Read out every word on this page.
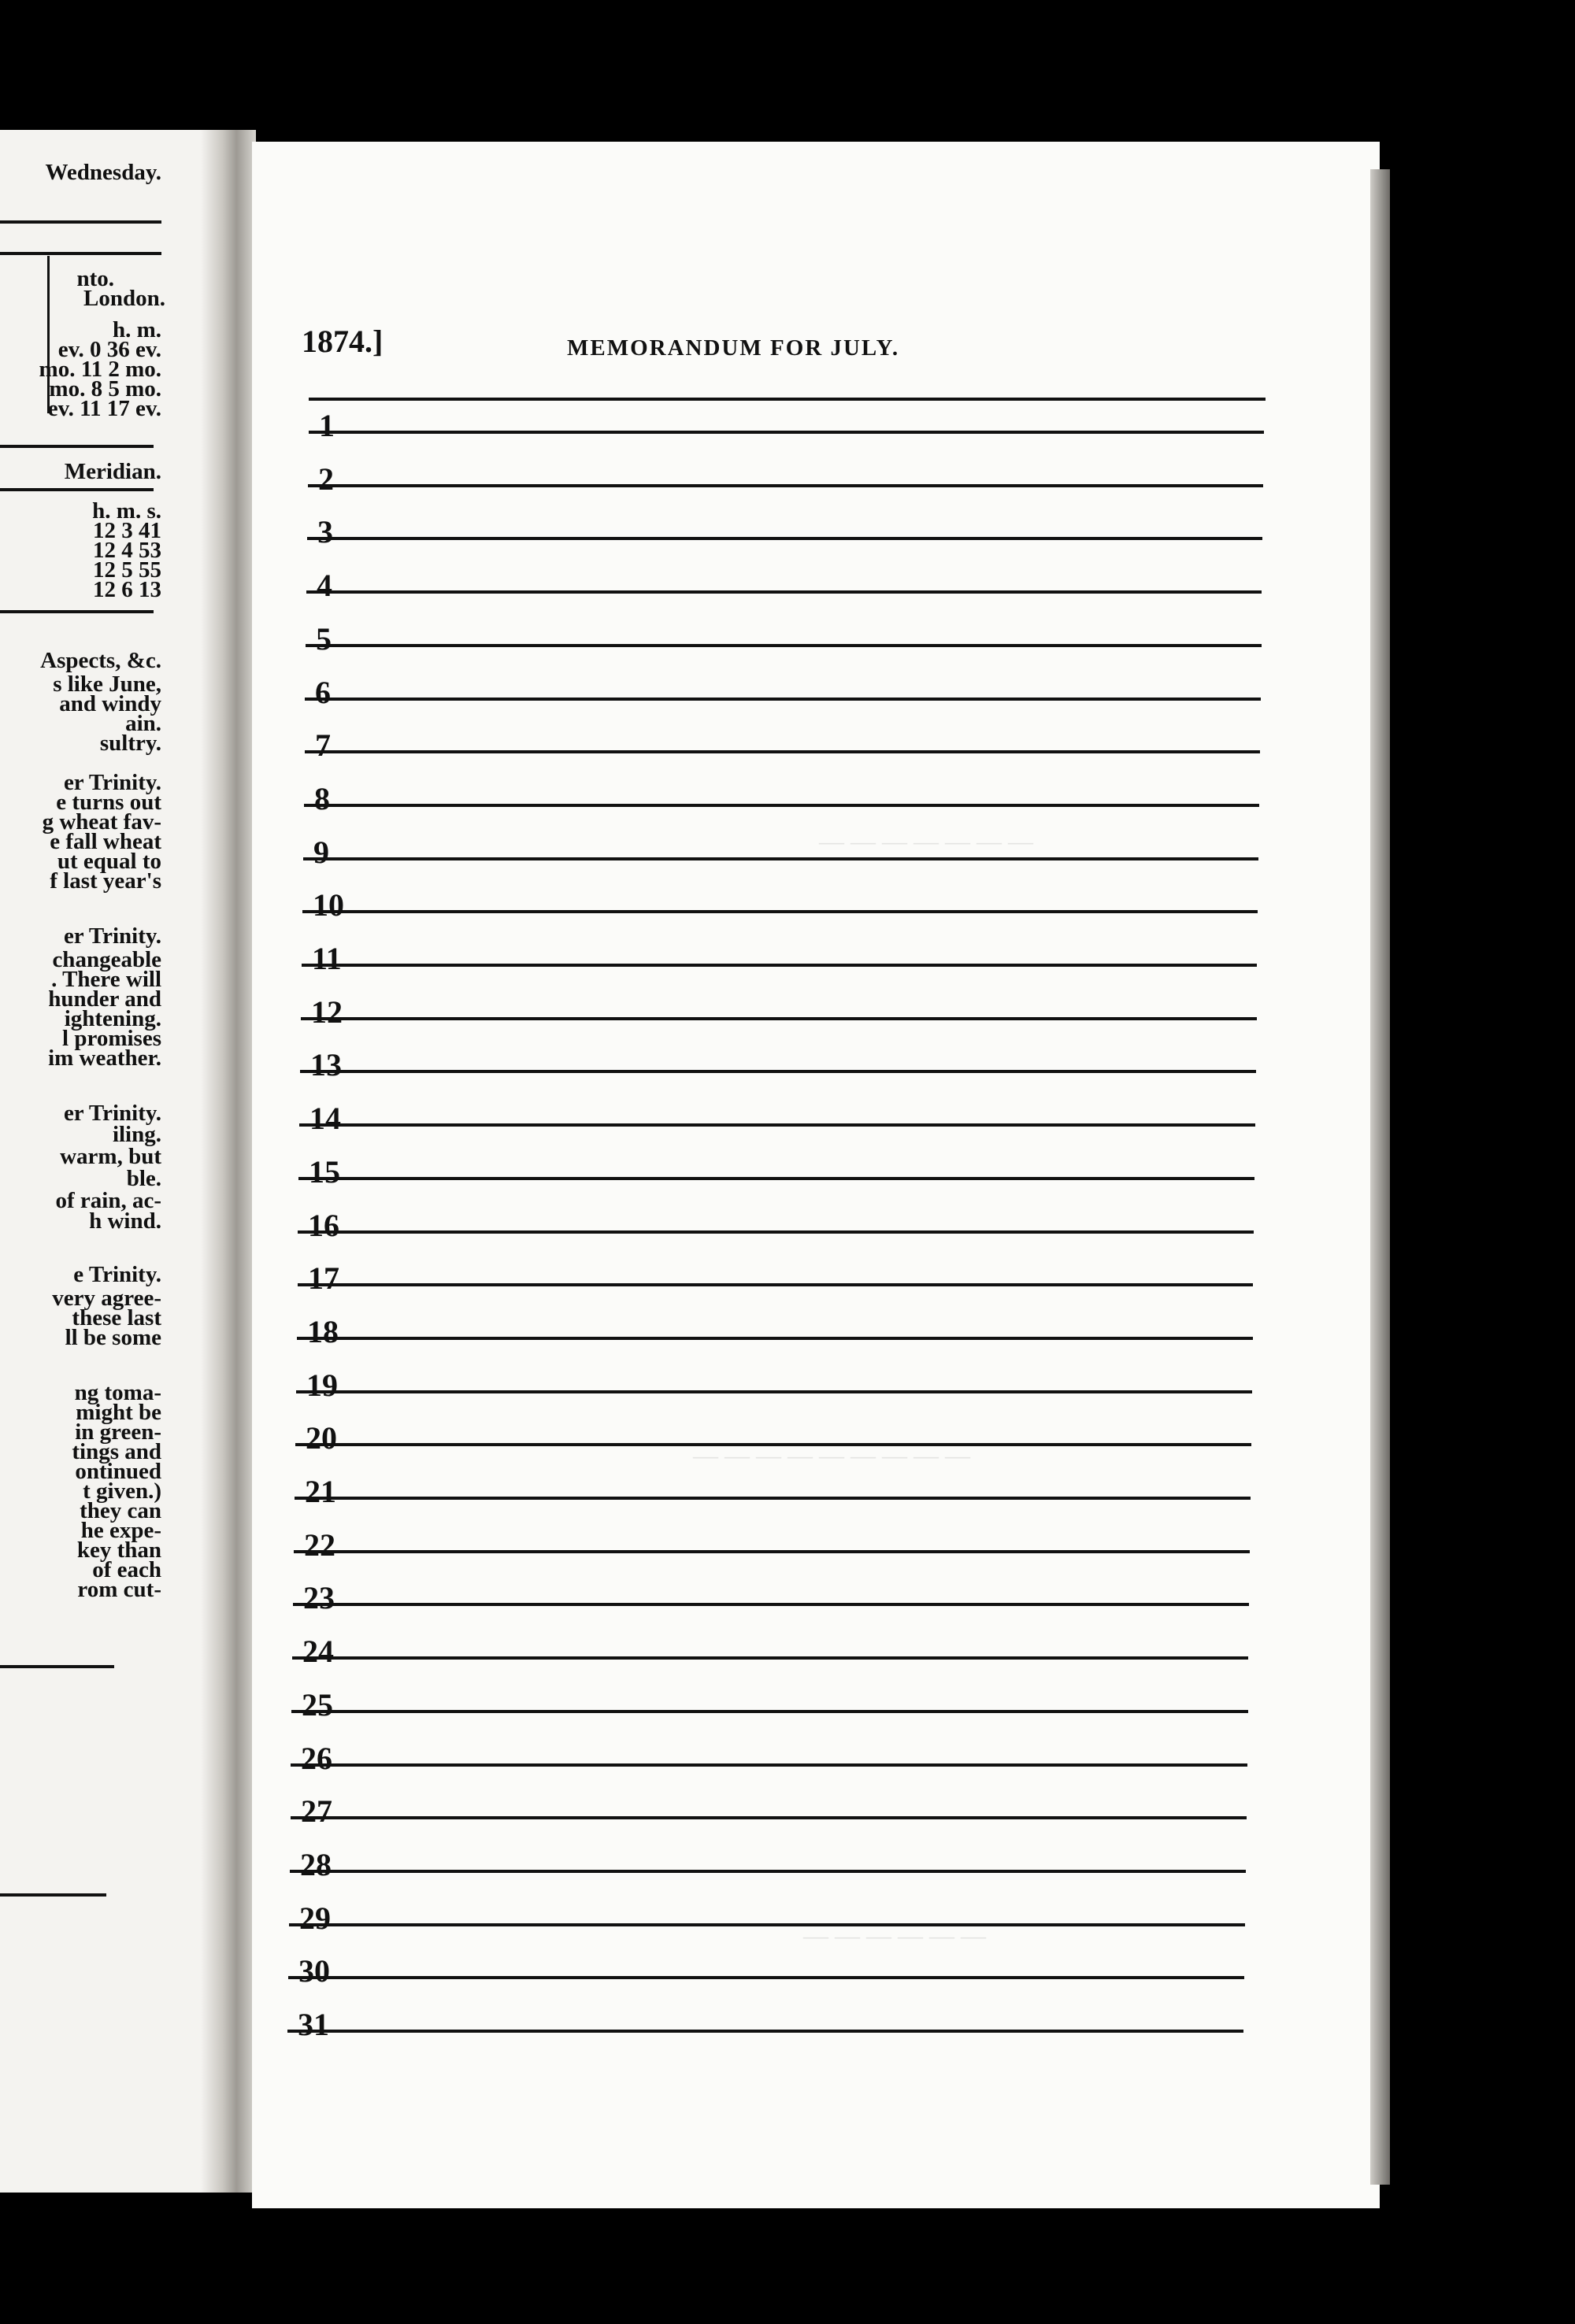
Wednesday.
nto.
London.
h. m.
ev. 0 36 ev.
mo. 11 2 mo.
mo. 8 5 mo.
ev. 11 17 ev.
Meridian.
h. m. s.
12 3 41
12 4 53
12 5 55
12 6 13
Aspects, &c.
s like June,
and windy
ain.
sultry.
er Trinity.
e turns out
g wheat fav-
e fall wheat
ut equal to
f last year's
er Trinity.
changeable
. There will
hunder and
ightening.
l promises
im weather.
er Trinity.
iling.
warm, but
ble.
of rain, ac-
h wind.
e Trinity.
very agree-
these last
ll be some
ng toma-
might be
in green-
tings and
ontinued
t given.)
they can
he expe-
key than
of each
rom cut-
— — — — — — —
— — — — — — — — —
— — — — — —
1874.]	MEMORANDUM FOR JULY.
1
2
3
4
5
6
7
8
9
10
11
12
13
14
15
16
17
18
19
20
21
22
23
24
25
26
27
28
29
30
31
